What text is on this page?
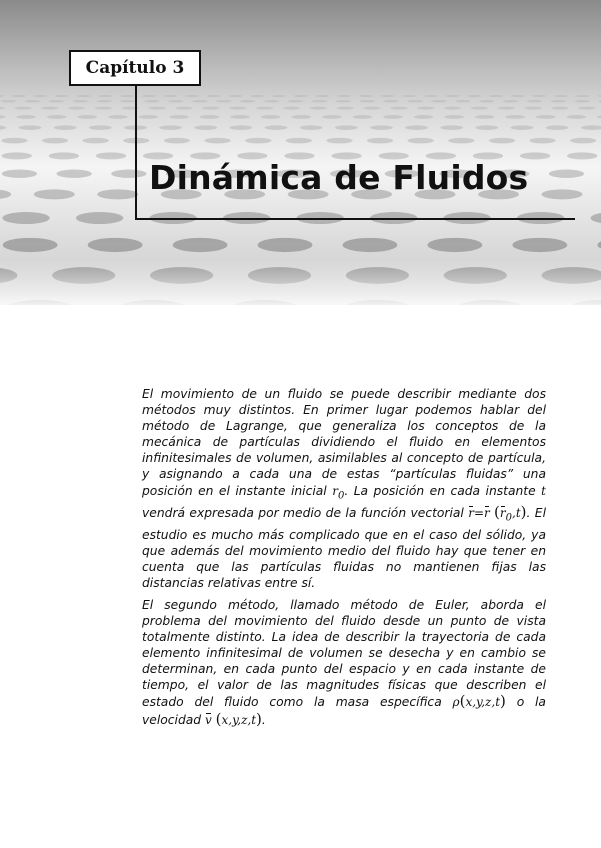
Capítulo 3
Dinámica de Fluidos

El movimiento de un fluido se puede describir mediante dos métodos muy distintos. En primer lugar podemos hablar del método de Lagrange, que generaliza los conceptos de la mecánica de partículas dividiendo el fluido en elementos infinitesimales de volumen, asimilables al concepto de partícula, y asignando a cada una de estas “partículas fluidas” una posición en el instante inicial $r_0$. La posición en cada instante t vendrá expresada por medio de la función vectorial r=r $(r_0,t)$. El estudio es mucho más complicado que en el caso del sólido, ya que además del movimiento medio del fluido hay que tener en cuenta que las partículas fluidas no mantienen fijas las distancias relativas entre sí.

El segundo método, llamado método de Euler, aborda el problema del movimiento del fluido desde un punto de vista totalmente distinto. La idea de describir la trayectoria de cada elemento infinitesimal de volumen se desecha y en cambio se determinan, en cada punto del espacio y en cada instante de tiempo, el valor de las magnitudes físicas que describen el estado del fluido como la masa específica ρ(x,y,z,t) o la velocidad v (x,y,z,t).
